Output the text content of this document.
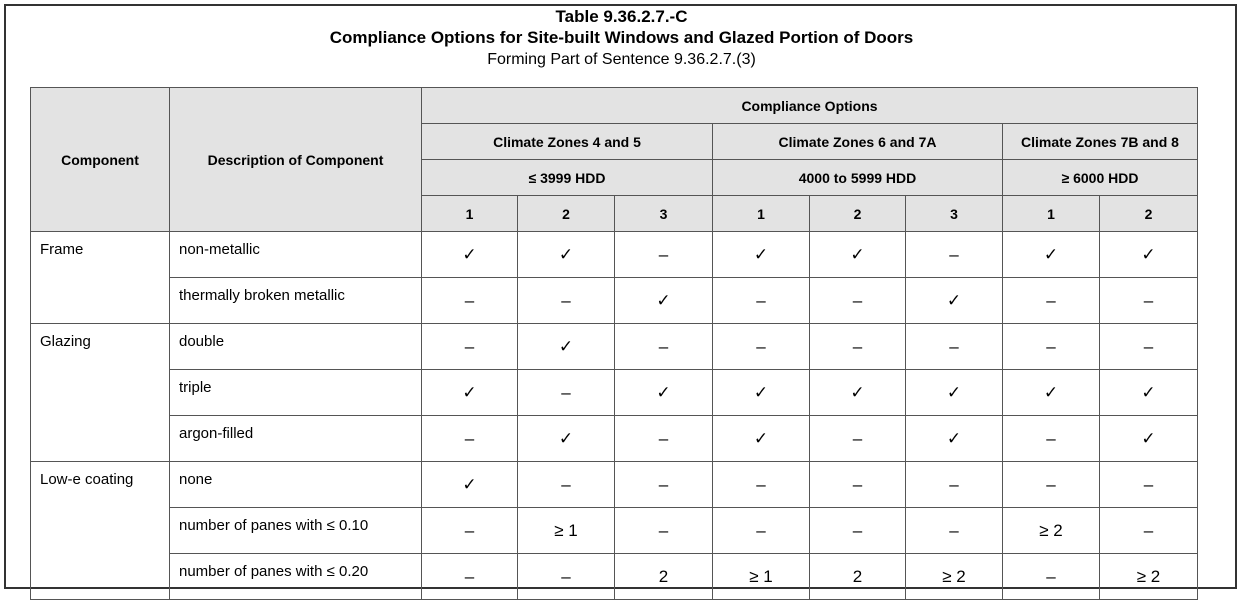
Table 9.36.2.7.-C
Compliance Options for Site-built Windows and Glazed Portion of Doors
Forming Part of Sentence 9.36.2.7.(3)
Component	Description of Component	Compliance Options							
		Climate Zones 4 and 5			Climate Zones 6 and 7A			Climate Zones 7B and 8	
		≤ 3999 HDD			4000 to 5999 HDD			≥ 6000 HDD	
		1	2	3	1	2	3	1	2
Frame	non-metallic	✓	✓	–	✓	✓	–	✓	✓
	thermally broken metallic	–	–	✓	–	–	✓	–	–
Glazing	double	–	✓	–	–	–	–	–	–
	triple	✓	–	✓	✓	✓	✓	✓	✓
	argon-filled	–	✓	–	✓	–	✓	–	✓
Low-e coating	none	✓	–	–	–	–	–	–	–
	number of panes with ≤ 0.10	–	≥ 1	–	–	–	–	≥ 2	–
	number of panes with ≤ 0.20	–	–	2	≥ 1	2	≥ 2	–	≥ 2
